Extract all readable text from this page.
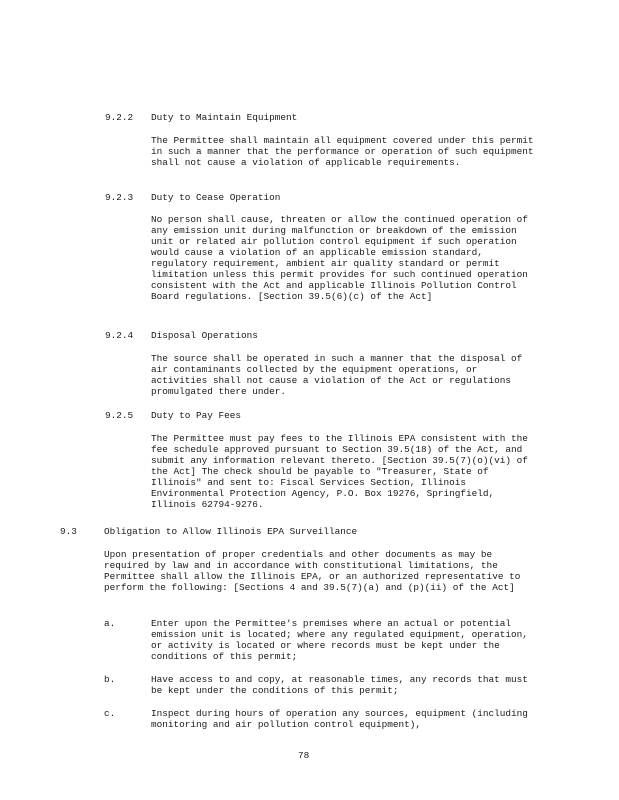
9.2.2 Duty to Maintain Equipment

The Permittee shall maintain all equipment covered under this permit in such a manner that the performance or operation of such equipment shall not cause a violation of applicable requirements.

9.2.3 Duty to Cease Operation

No person shall cause, threaten or allow the continued operation of any emission unit during malfunction or breakdown of the emission unit or related air pollution control equipment if such operation would cause a violation of an applicable emission standard, regulatory requirement, ambient air quality standard or permit limitation unless this permit provides for such continued operation consistent with the Act and applicable Illinois Pollution Control Board regulations. [Section 39.5(6)(c) of the Act]

9.2.4 Disposal Operations

The source shall be operated in such a manner that the disposal of air contaminants collected by the equipment operations, or activities shall not cause a violation of the Act or regulations promulgated there under.

9.2.5 Duty to Pay Fees

The Permittee must pay fees to the Illinois EPA consistent with the fee schedule approved pursuant to Section 39.5(18) of the Act, and submit any information relevant thereto. [Section 39.5(7)(o)(vi) of the Act] The check should be payable to "Treasurer, State of Illinois" and sent to: Fiscal Services Section, Illinois Environmental Protection Agency, P.O. Box 19276, Springfield, Illinois 62794-9276.

9.3	Obligation to Allow Illinois EPA Surveillance

Upon presentation of proper credentials and other documents as may be required by law and in accordance with constitutional limitations, the Permittee shall allow the Illinois EPA, or an authorized representative to perform the following: [Sections 4 and 39.5(7)(a) and (p)(ii) of the Act]

a.	Enter upon the Permittee's premises where an actual or potential emission unit is located; where any regulated equipment, operation, or activity is located or where records must be kept under the conditions of this permit;

b.	Have access to and copy, at reasonable times, any records that must be kept under the conditions of this permit;

c.	Inspect during hours of operation any sources, equipment (including monitoring and air pollution control equipment),

78
